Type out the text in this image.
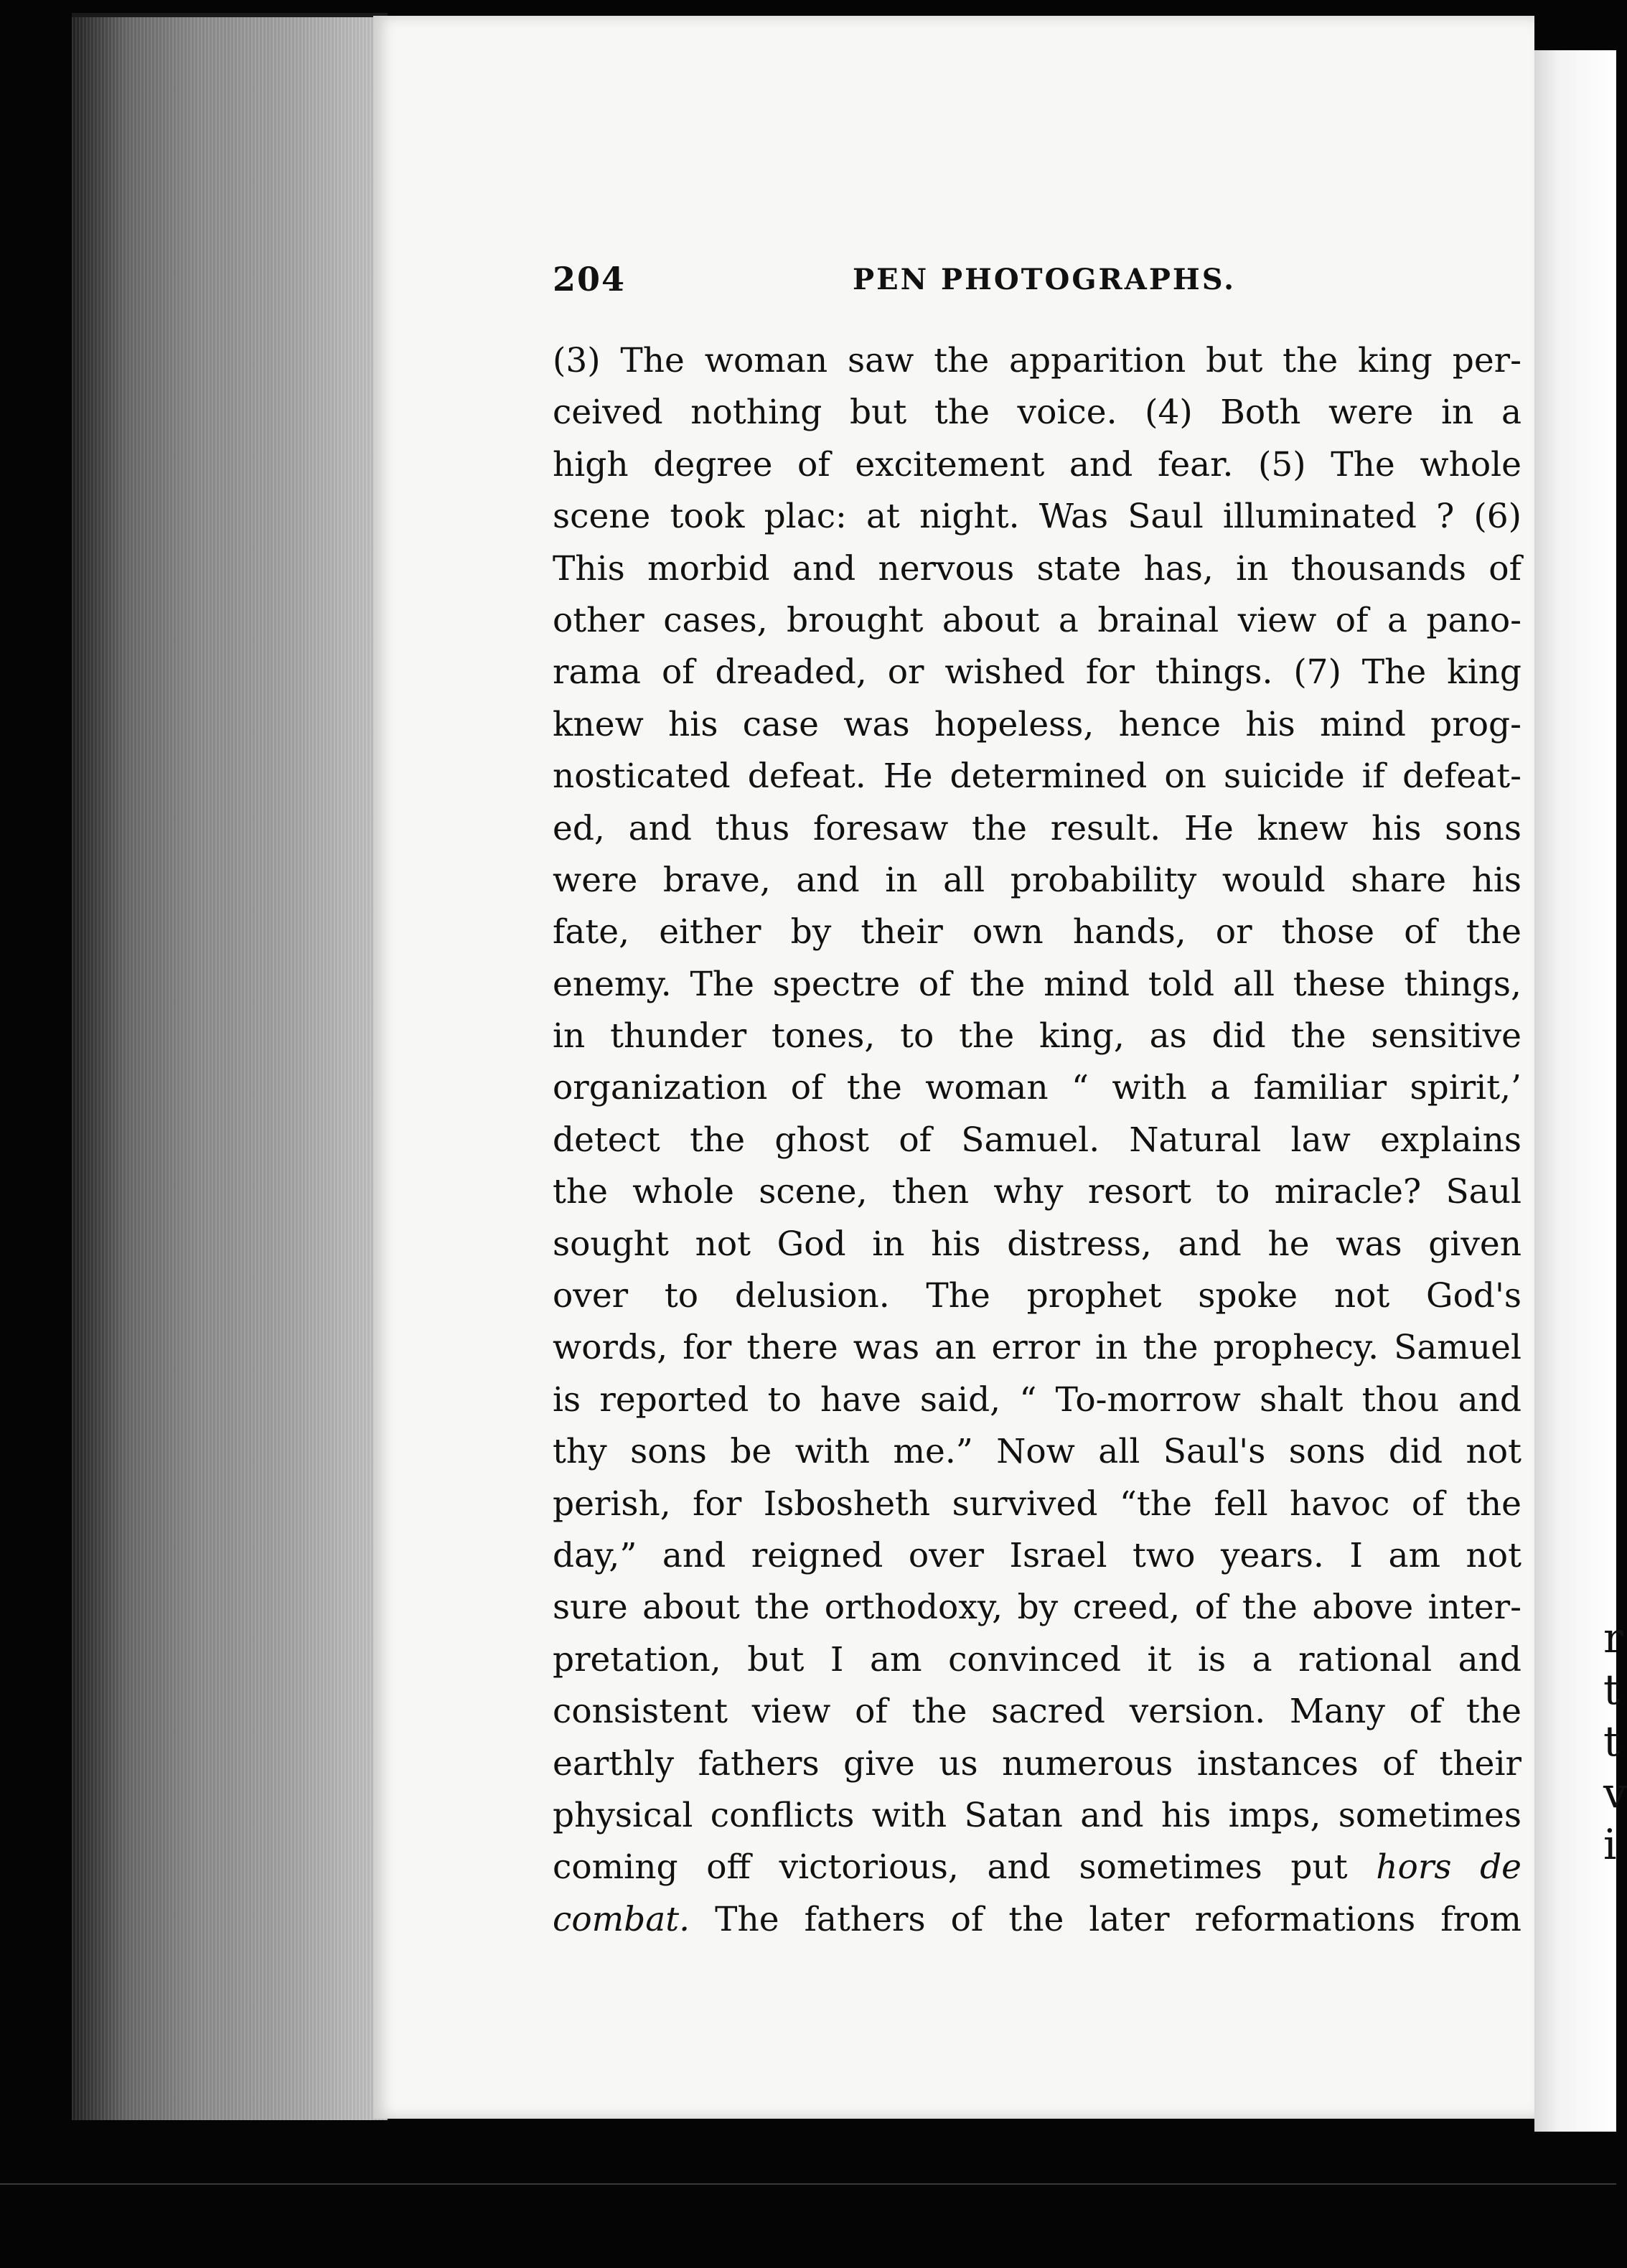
r
t
t
v
i
204	PEN PHOTOGRAPHS.
(3) The woman saw the apparition but the king per-
ceived nothing but the voice. (4) Both were in a
high degree of excitement and fear. (5) The whole
scene took plac: at night. Was Saul illuminated ? (6)
This morbid and nervous state has, in thousands of
other cases, brought about a brainal view of a pano-
rama of dreaded, or wished for things. (7) The king
knew his case was hopeless, hence his mind prog-
nosticated defeat. He determined on suicide if defeat-
ed, and thus foresaw the result. He knew his sons
were brave, and in all probability would share his
fate, either by their own hands, or those of the
enemy. The spectre of the mind told all these things,
in thunder tones, to the king, as did the sensitive
organization of the woman “ with a familiar spirit,’
detect the ghost of Samuel. Natural law explains
the whole scene, then why resort to miracle? Saul
sought not God in his distress, and he was given
over to delusion. The prophet spoke not God's
words, for there was an error in the prophecy. Samuel
is reported to have said, “ To-morrow shalt thou and
thy sons be with me.” Now all Saul's sons did not
perish, for Isbosheth survived “the fell havoc of the
day,” and reigned over Israel two years. I am not
sure about the orthodoxy, by creed, of the above inter-
pretation, but I am convinced it is a rational and
consistent view of the sacred version. Many of the
earthly fathers give us numerous instances of their
physical conflicts with Satan and his imps, sometimes
coming off victorious, and sometimes put hors de
combat. The fathers of the later reformations from
